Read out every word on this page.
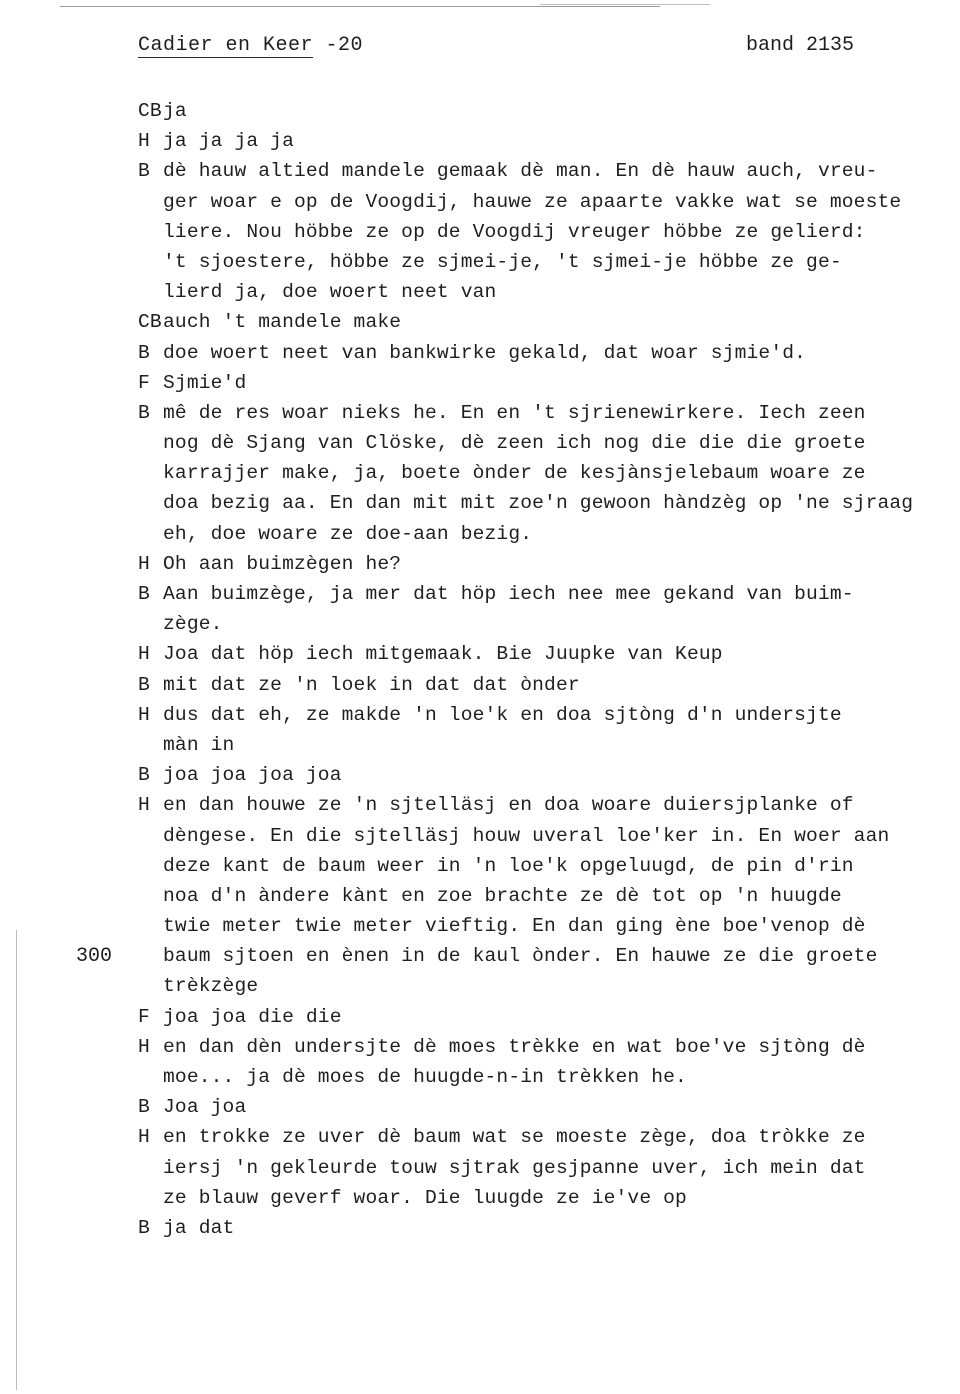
Cadier en Keer -20	band 2135
CBja
H ja ja ja ja
B dè hauw altied mandele gemaak dè man. En dè hauw auch, vreu-
ger woar e op de Voogdij, hauwe ze apaarte vakke wat se moeste
liere. Nou höbbe ze op de Voogdij vreuger höbbe ze gelierd:
't sjoestere, höbbe ze sjmei-je, 't sjmei-je höbbe ze ge-
lierd ja, doe woert neet van
CBauch 't mandele make
B doe woert neet van bankwirke gekald, dat woar sjmie'd.
F Sjmie'd
B mê de res woar nieks he. En en 't sjrienewirkere. Iech zeen
nog dè Sjang van Clöske, dè zeen ich nog die die die groete
karrajjer make, ja, boete ònder de kesjànsjelebaum woare ze
doa bezig aa. En dan mit mit zoe'n gewoon hàndzèg op 'ne sjraag
eh, doe woare ze doe-aan bezig.
H Oh aan buimzègen he?
B Aan buimzège, ja mer dat höp iech nee mee gekand van buim-
zège.
H Joa dat höp iech mitgemaak. Bie Juupke van Keup
B mit dat ze 'n loek in dat dat ònder
H dus dat eh, ze makde 'n loe'k en doa sjtòng d'n undersjte
màn in
B joa joa joa joa
H en dan houwe ze 'n sjtelläsj en doa woare duiersjplanke of
dèngese. En die sjtelläsj houw uveral loe'ker in. En woer aan
deze kant de baum weer in 'n loe'k opgeluugd, de pin d'rin
noa d'n àndere kànt en zoe brachte ze dè tot op 'n huugde
twie meter twie meter vieftig. En dan ging ène boe'venop dè
baum sjtoen en ènen in de kaul ònder. En hauwe ze die groete
trèkzège
F joa joa die die
H en dan dèn undersjte dè moes trèkke en wat boe've sjtòng dè
moe... ja dè moes de huugde-n-in trèkken he.
B Joa joa
H en trokke ze uver dè baum wat se moeste zège, doa tròkke ze
iersj 'n gekleurde touw sjtrak gesjpanne uver, ich mein dat
ze blauw geverf woar. Die luugde ze ie've op
B ja dat
300
